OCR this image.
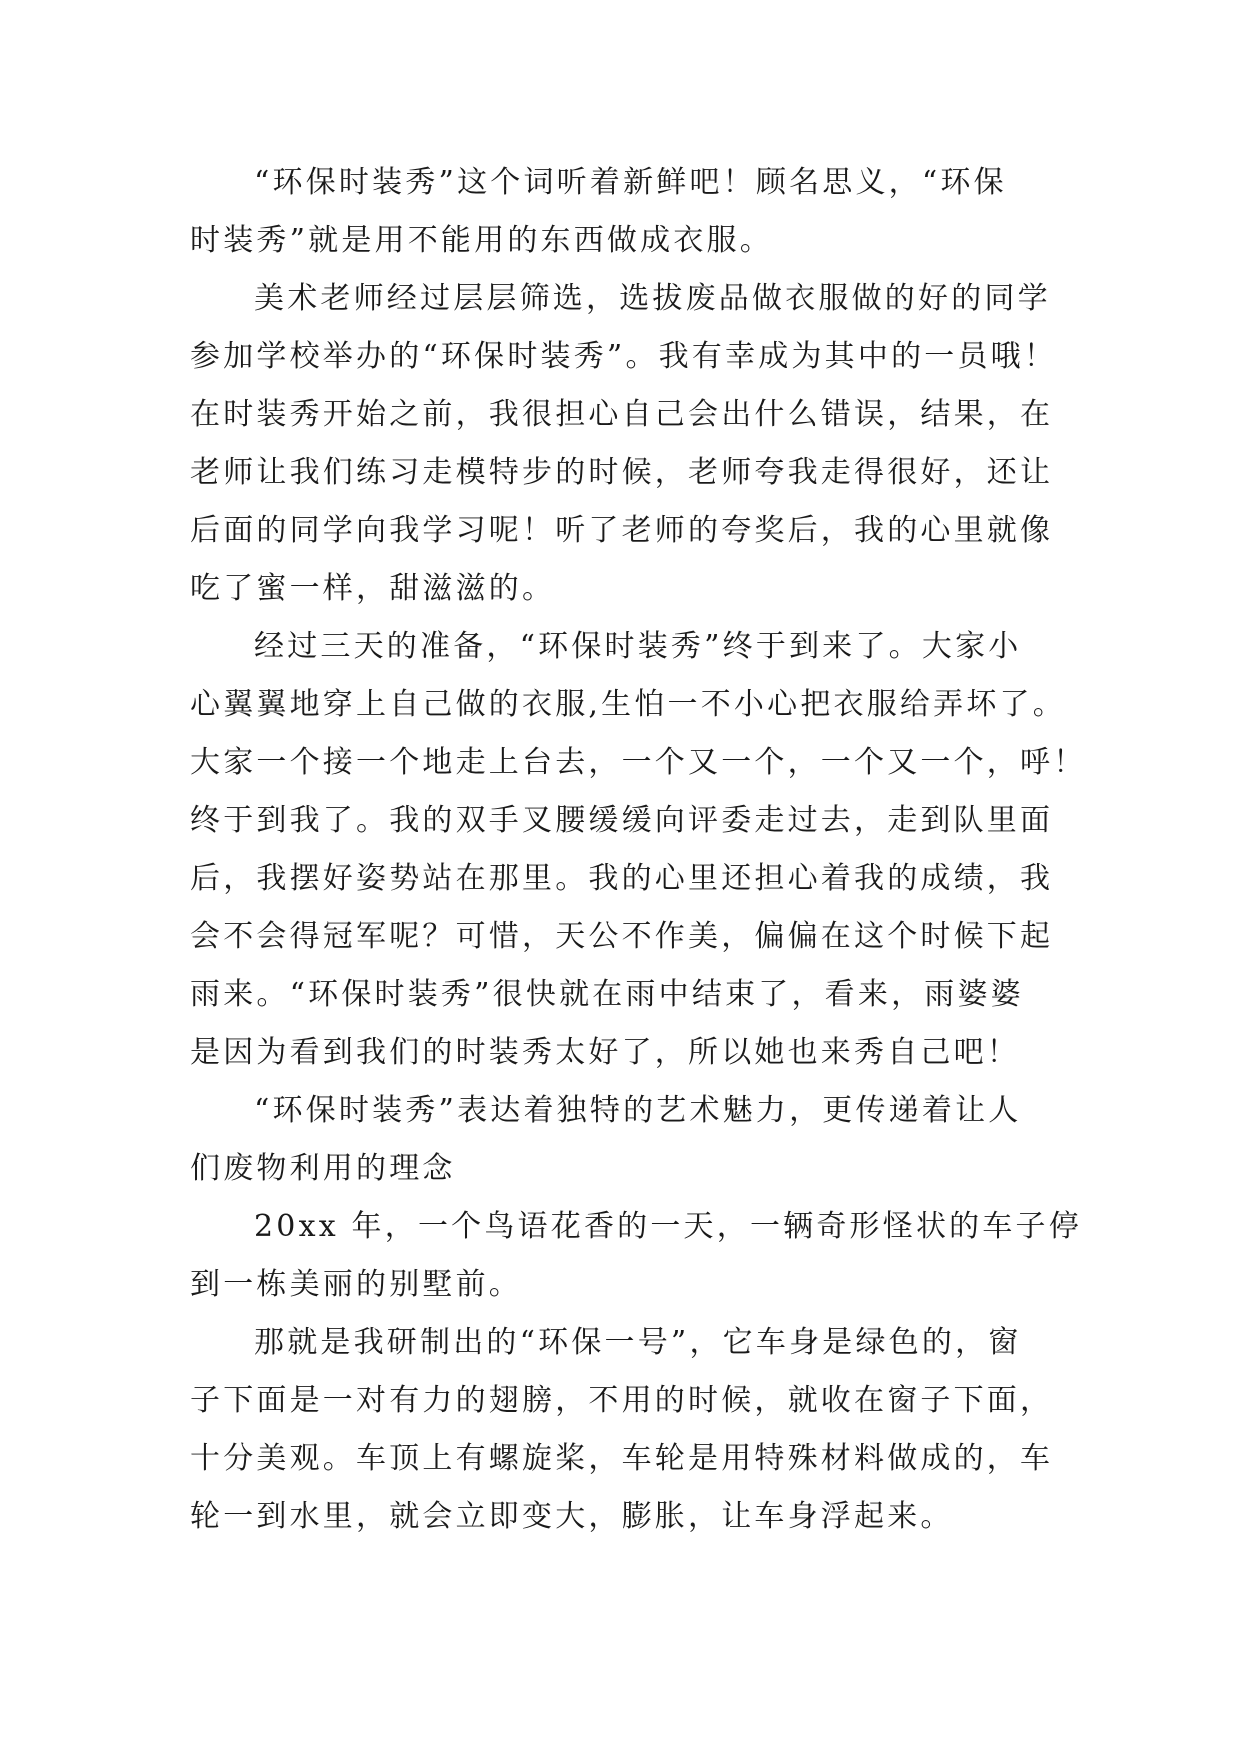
“环保时装秀”这个词听着新鲜吧！顾名思义，“环保
时装秀”就是用不能用的东西做成衣服。
美术老师经过层层筛选，选拔废品做衣服做的好的同学
参加学校举办的“环保时装秀”。我有幸成为其中的一员哦！
在时装秀开始之前，我很担心自己会出什么错误，结果，在
老师让我们练习走模特步的时候，老师夸我走得很好，还让
后面的同学向我学习呢！听了老师的夸奖后，我的心里就像
吃了蜜一样，甜滋滋的。
经过三天的准备，“环保时装秀”终于到来了。大家小
心翼翼地穿上自己做的衣服,生怕一不小心把衣服给弄坏了。
大家一个接一个地走上台去，一个又一个，一个又一个，呼！
终于到我了。我的双手叉腰缓缓向评委走过去，走到队里面
后，我摆好姿势站在那里。我的心里还担心着我的成绩，我
会不会得冠军呢？可惜，天公不作美，偏偏在这个时候下起
雨来。“环保时装秀”很快就在雨中结束了，看来，雨婆婆
是因为看到我们的时装秀太好了，所以她也来秀自己吧！
“环保时装秀”表达着独特的艺术魅力，更传递着让人
们废物利用的理念
20xx 年，一个鸟语花香的一天，一辆奇形怪状的车子停
到一栋美丽的别墅前。
那就是我研制出的“环保一号”，它车身是绿色的，窗
子下面是一对有力的翅膀，不用的时候，就收在窗子下面，
十分美观。车顶上有螺旋桨，车轮是用特殊材料做成的，车
轮一到水里，就会立即变大，膨胀，让车身浮起来。
